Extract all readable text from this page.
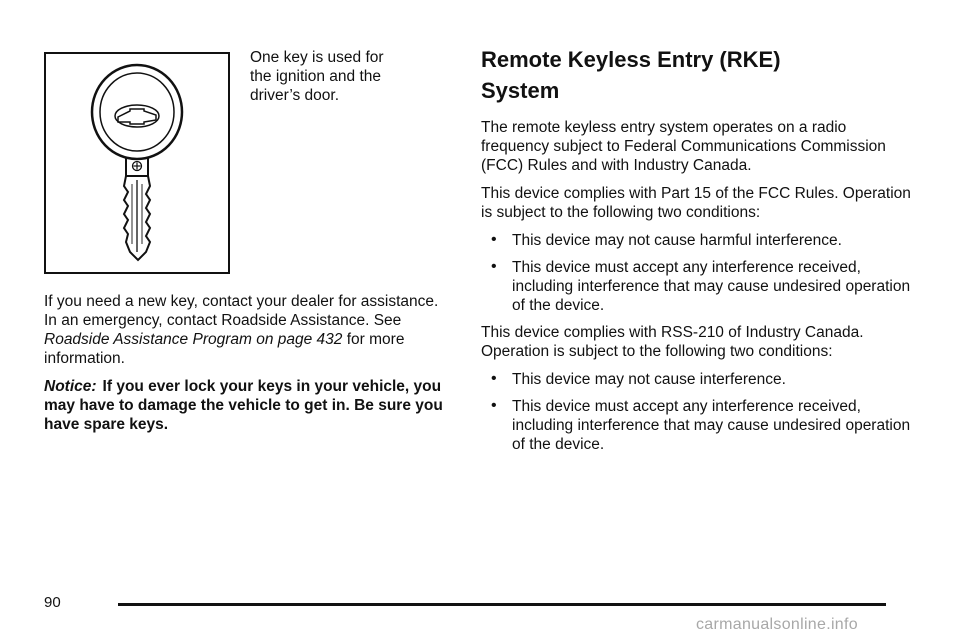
One key is used for
the ignition and the
driver’s door.

If you need a new key, contact your dealer for assistance. In an emergency, contact Roadside Assistance. See Roadside Assistance Program on page 432 for more information.

Notice: If you ever lock your keys in your vehicle, you may have to damage the vehicle to get in. Be sure you have spare keys.

Remote Keyless Entry (RKE)
System

The remote keyless entry system operates on a radio frequency subject to Federal Communications Commission (FCC) Rules and with Industry Canada.

This device complies with Part 15 of the FCC Rules. Operation is subject to the following two conditions:

• This device may not cause harmful interference.
• This device must accept any interference received, including interference that may cause undesired operation of the device.

This device complies with RSS-210 of Industry Canada. Operation is subject to the following two conditions:

• This device may not cause interference.
• This device must accept any interference received, including interference that may cause undesired operation of the device.
90
carmanualsonline.info
